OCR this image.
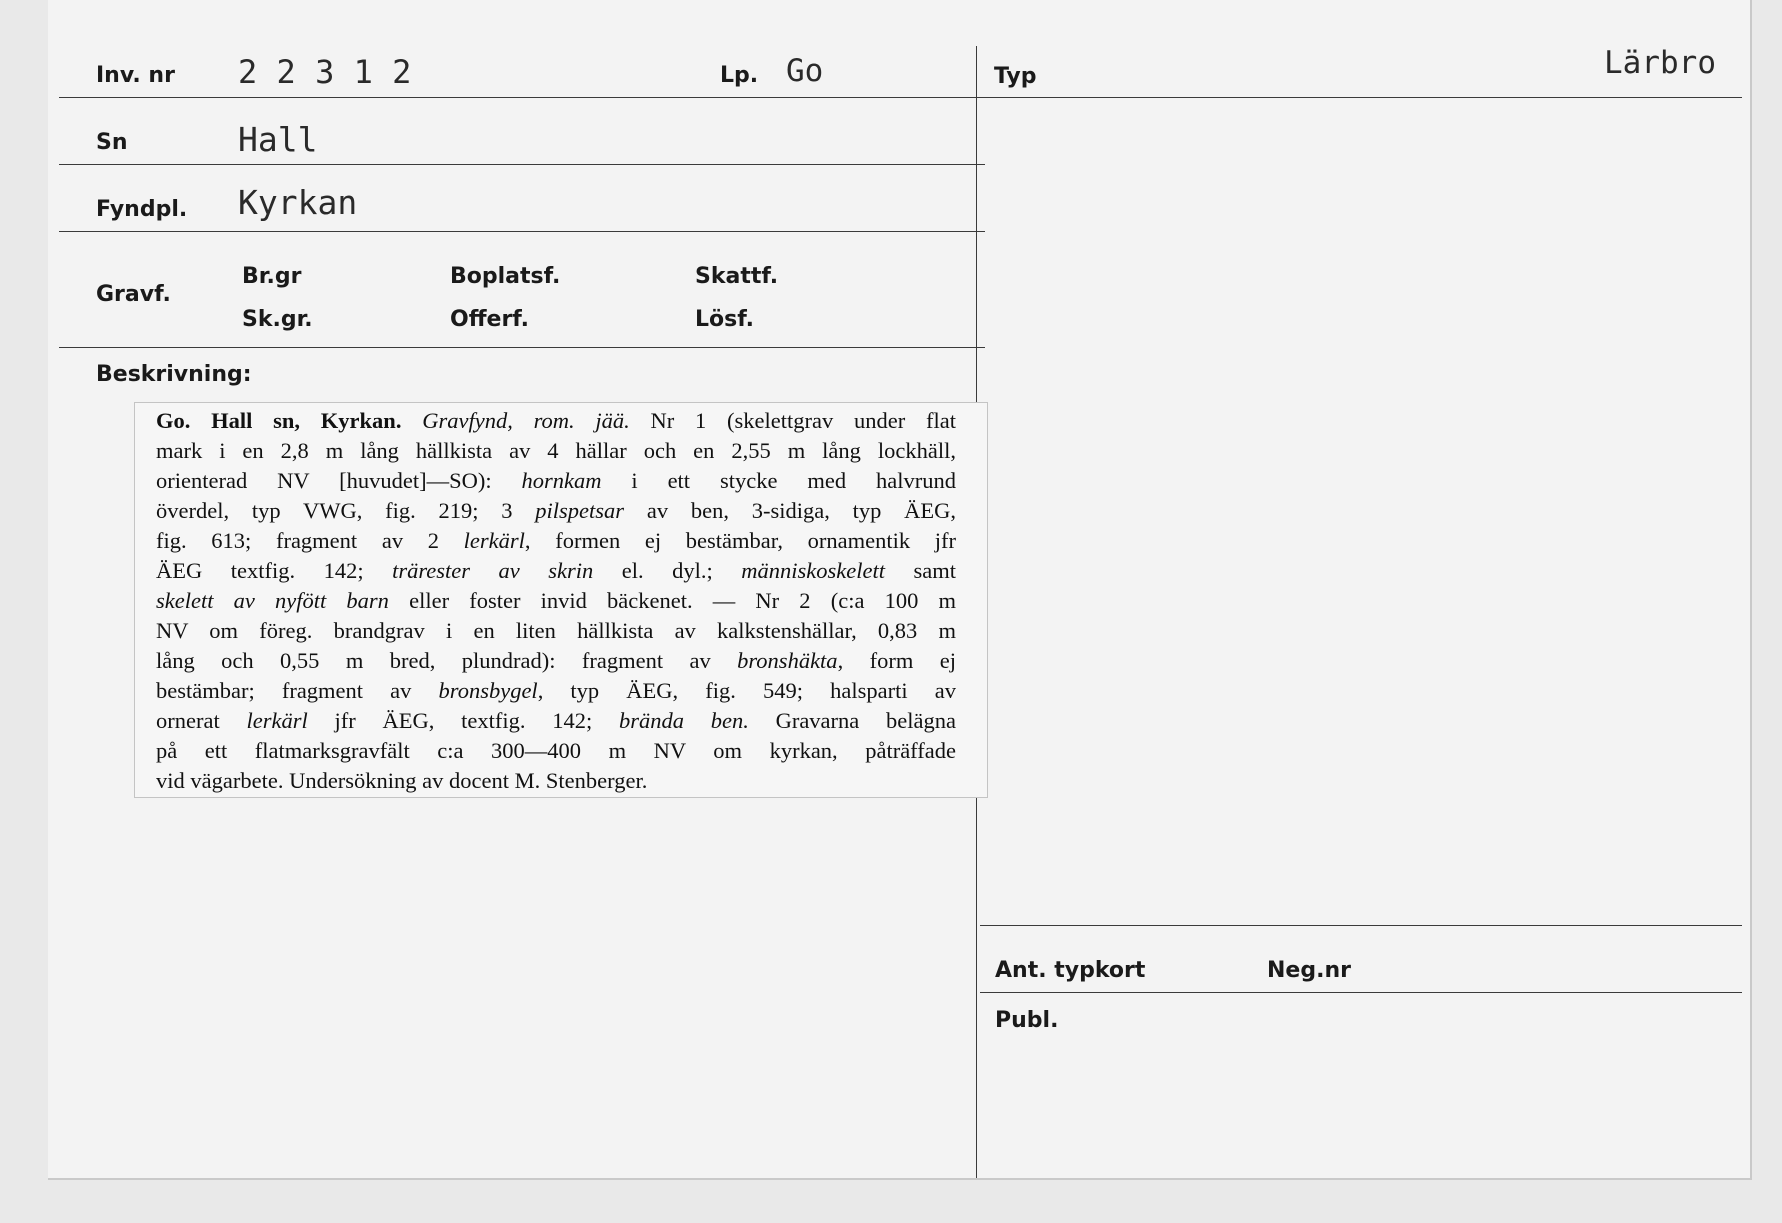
Inv. nr 2 2 3 1 2	Lp. Go
Sn	Hall
Fyndpl. Kyrkan
Gravf.
Br.gr	Boplatsf.	Skattf.
Sk.gr.	Offerf.	Lösf.
Beskrivning:
Typ	Lärbro
Ant. typkort	Neg.nr
Publ.

Go. Hall sn, Kyrkan. Gravfynd, rom. jää. Nr 1 (skelettgrav under flat

mark i en 2,8 m lång hällkista av 4 hällar och en 2,55 m lång lockhäll,

orienterad NV [huvudet]—SO): hornkam i ett stycke med halvrund

överdel, typ VWG, fig. 219; 3 pilspetsar av ben, 3-sidiga, typ ÄEG,

fig. 613; fragment av 2 lerkärl, formen ej bestämbar, ornamentik jfr

ÄEG textfig. 142; trärester av skrin el. dyl.; människoskelett samt

skelett av nyfött barn eller foster invid bäckenet. — Nr 2 (c:a 100 m

NV om föreg. brandgrav i en liten hällkista av kalkstenshällar, 0,83 m

lång och 0,55 m bred, plundrad): fragment av bronshäkta, form ej

bestämbar; fragment av bronsbygel, typ ÄEG, fig. 549; halsparti av

ornerat lerkärl jfr ÄEG, textfig. 142; brända ben. Gravarna belägna

på ett flatmarksgravfält c:a 300—400 m NV om kyrkan, påträffade

vid vägarbete. Undersökning av docent M. Stenberger.
